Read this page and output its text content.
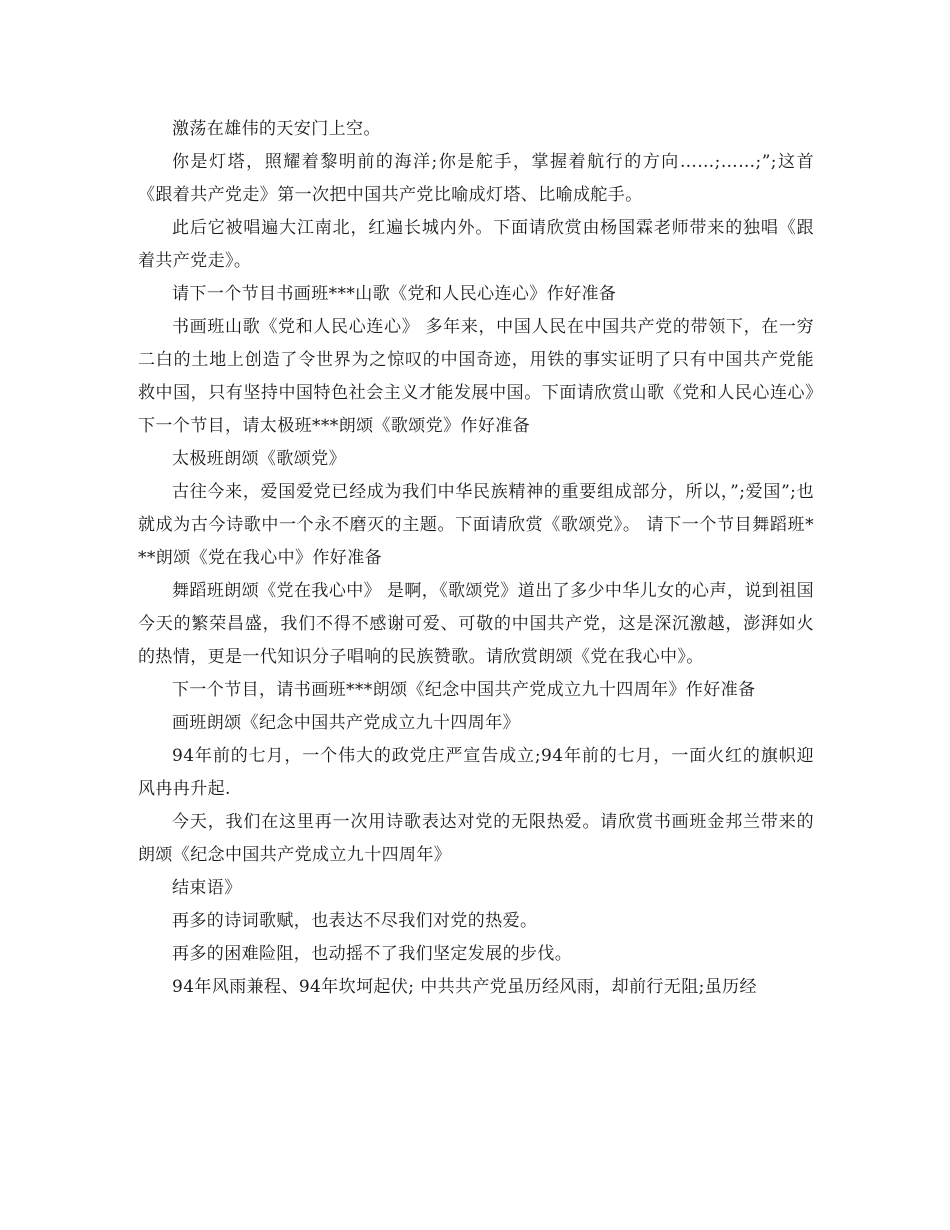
激荡在雄伟的天安门上空。

你是灯塔，照耀着黎明前的海洋;你是舵手，掌握着航行的方向……;……;”;这首《跟着共产党走》第一次把中国共产党比喻成灯塔、比喻成舵手。

此后它被唱遍大江南北，红遍长城内外。下面请欣赏由杨国霖老师带来的独唱《跟着共产党走》。

请下一个节目书画班***山歌《党和人民心连心》作好准备

书画班山歌《党和人民心连心》 多年来，中国人民在中国共产党的带领下，在一穷二白的土地上创造了令世界为之惊叹的中国奇迹，用铁的事实证明了只有中国共产党能救中国，只有坚持中国特色社会主义才能发展中国。下面请欣赏山歌《党和人民心连心》下一个节目，请太极班***朗颂《歌颂党》作好准备

太极班朗颂《歌颂党》

古往今来，爱国爱党已经成为我们中华民族精神的重要组成部分，所以，”;爱国”;也就成为古今诗歌中一个永不磨灭的主题。下面请欣赏《歌颂党》。 请下一个节目舞蹈班***朗颂《党在我心中》作好准备

舞蹈班朗颂《党在我心中》 是啊，《歌颂党》道出了多少中华儿女的心声，说到祖国今天的繁荣昌盛，我们不得不感谢可爱、可敬的中国共产党，这是深沉激越，澎湃如火的热情，更是一代知识分子唱响的民族赞歌。请欣赏朗颂《党在我心中》。

下一个节目，请书画班***朗颂《纪念中国共产党成立九十四周年》作好准备

画班朗颂《纪念中国共产党成立九十四周年》

94年前的七月，一个伟大的政党庄严宣告成立;94年前的七月，一面火红的旗帜迎风冉冉升起.

今天，我们在这里再一次用诗歌表达对党的无限热爱。请欣赏书画班金邦兰带来的朗颂《纪念中国共产党成立九十四周年》

结束语》

再多的诗词歌赋，也表达不尽我们对党的热爱。

再多的困难险阻，也动摇不了我们坚定发展的步伐。

94年风雨兼程、94年坎坷起伏; 中共共产党虽历经风雨，却前行无阻;虽历经
